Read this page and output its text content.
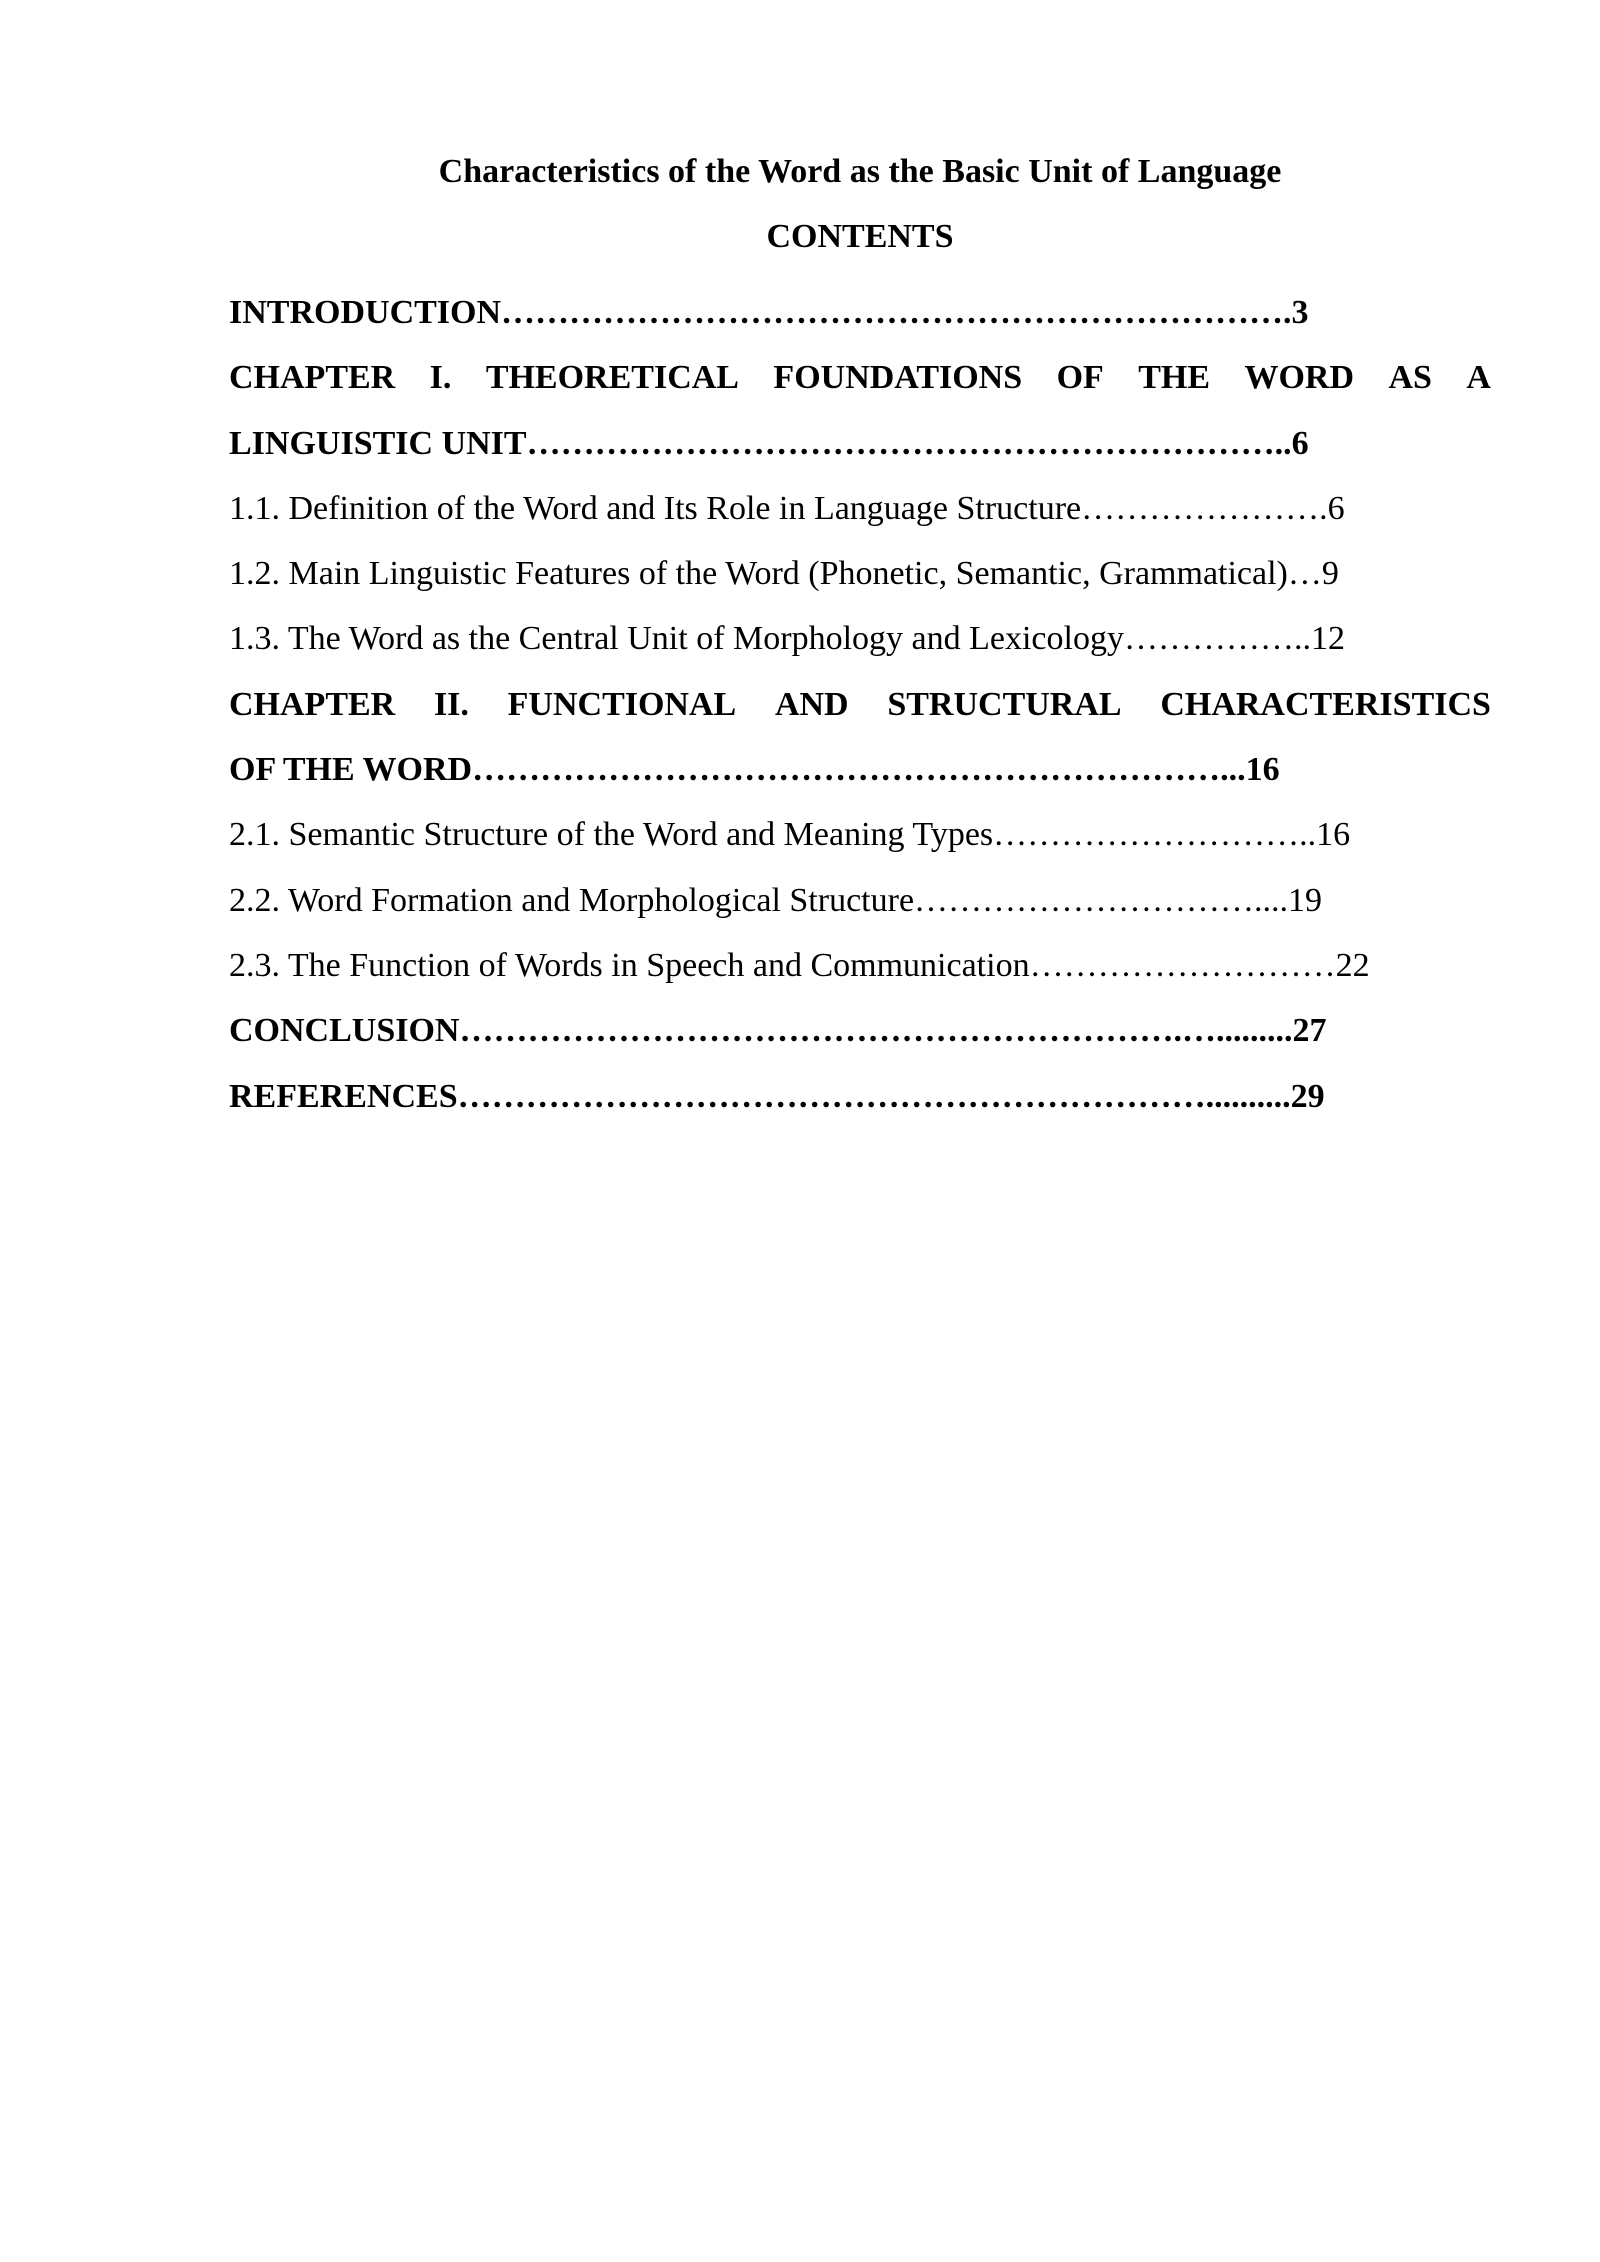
Characteristics of the Word as the Basic Unit of Language
CONTENTS
INTRODUCTION…………………………………………………………….3
CHAPTER I. THEORETICAL FOUNDATIONS OF THE WORD AS A
LINGUISTIC UNIT…………………………………………………………..6
1.1. Definition of the Word and Its Role in Language Structure………………….6
1.2. Main Linguistic Features of the Word (Phonetic, Semantic, Grammatical)…9
1.3. The Word as the Central Unit of Morphology and Lexicology……………..12
CHAPTER II. FUNCTIONAL AND STRUCTURAL CHARACTERISTICS
OF THE WORD…………………………………………………………...16
2.1. Semantic Structure of the Word and Meaning Types………………………..16
2.2. Word Formation and Morphological Structure…………………………....19
2.3. The Function of Words in Speech and Communication………………………22
CONCLUSION……………………………………………………….….........27
REFERENCES…………………………………………………………..........29
